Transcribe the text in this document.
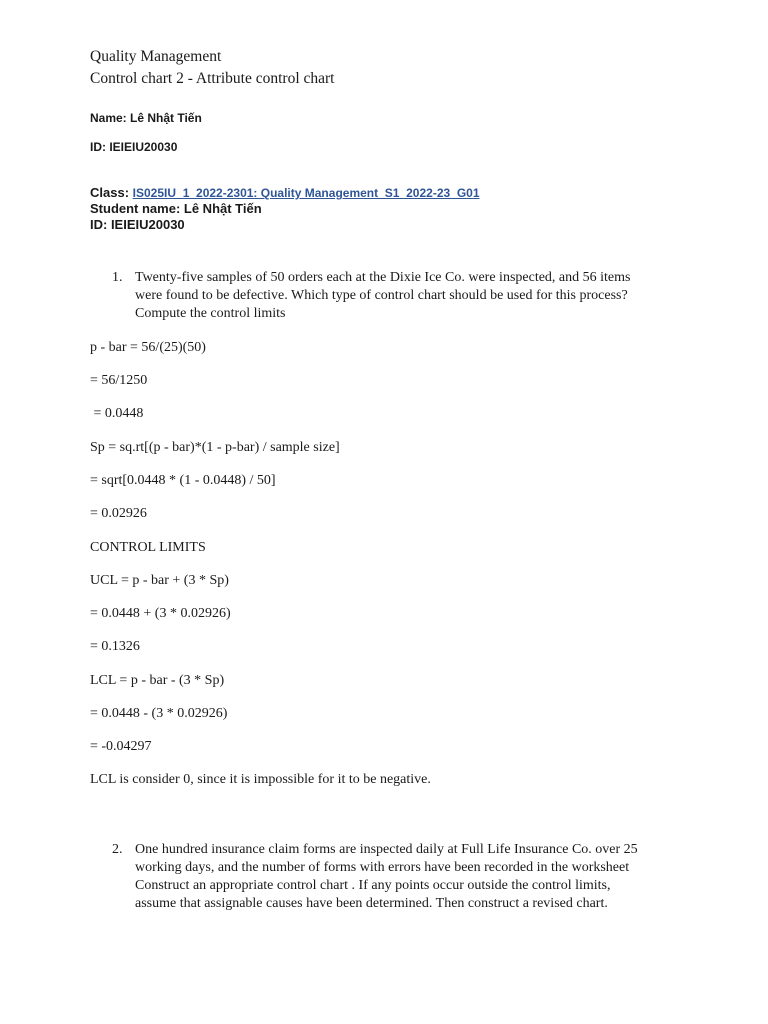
Quality Management
Control chart 2 - Attribute control chart
Name: Lê Nhật Tiến
ID: IEIEIU20030
Class: IS025IU_1_2022-2301: Quality Management_S1_2022-23_G01
Student name: Lê Nhật Tiến
ID: IEIEIU20030
1. Twenty-five samples of 50 orders each at the Dixie Ice Co. were inspected, and 56 items
were found to be defective. Which type of control chart should be used for this process?
Compute the control limits
p - bar = 56/(25)(50)
= 56/1250
= 0.0448
Sp = sq.rt[(p - bar)*(1 - p-bar) / sample size]
= sqrt[0.0448 * (1 - 0.0448) / 50]
= 0.02926
CONTROL LIMITS
UCL = p - bar + (3 * Sp)
= 0.0448 + (3 * 0.02926)
= 0.1326
LCL = p - bar - (3 * Sp)
= 0.0448 - (3 * 0.02926)
= -0.04297
LCL is consider 0, since it is impossible for it to be negative.
2. One hundred insurance claim forms are inspected daily at Full Life Insurance Co. over 25
working days, and the number of forms with errors have been recorded in the worksheet
Construct an appropriate control chart . If any points occur outside the control limits,
assume that assignable causes have been determined. Then construct a revised chart.
